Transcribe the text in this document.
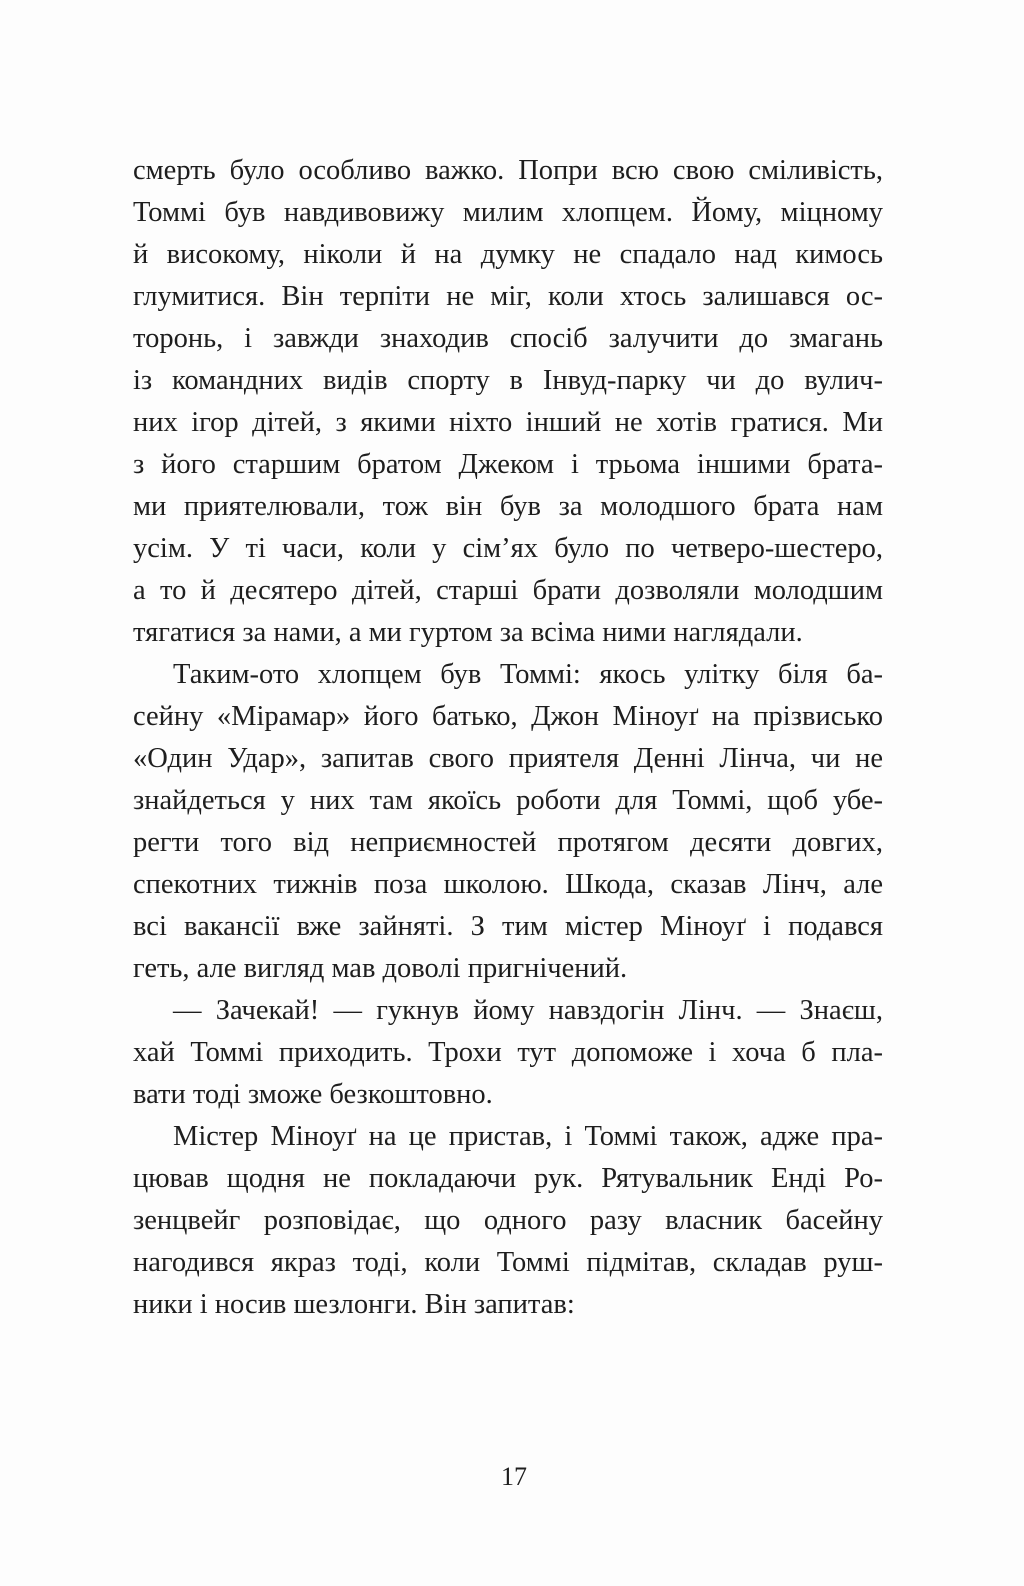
смерть було особливо важко. Попри всю свою сміливість,
Томмі був навдивовижу милим хлопцем. Йому, міцному
й високому, ніколи й на думку не спадало над кимось
глумитися. Він терпіти не міг, коли хтось залишався ос-
торонь, і завжди знаходив спосіб залучити до змагань
із командних видів спорту в Інвуд-парку чи до вулич-
них ігор дітей, з якими ніхто інший не хотів гратися. Ми
з його старшим братом Джеком і трьома іншими брата-
ми приятелювали, тож він був за молодшого брата нам
усім. У ті часи, коли у сім’ях було по четверо-шестеро,
а то й десятеро дітей, старші брати дозволяли молодшим
тягатися за нами, а ми гуртом за всіма ними наглядали.
Таким-ото хлопцем був Томмі: якось улітку біля ба-
сейну «Мірамар» його батько, Джон Міноуґ на прізвисько
«Один Удар», запитав свого приятеля Денні Лінча, чи не
знайдеться у них там якоїсь роботи для Томмі, щоб убе-
регти того від неприємностей протягом десяти довгих,
спекотних тижнів поза школою. Шкода, сказав Лінч, але
всі вакансії вже зайняті. З тим містер Міноуґ і подався
геть, але вигляд мав доволі пригнічений.
— Зачекай! — гукнув йому навздогін Лінч. — Знаєш,
хай Томмі приходить. Трохи тут допоможе і хоча б пла-
вати тоді зможе безкоштовно.
Містер Міноуґ на це пристав, і Томмі також, адже пра-
цював щодня не покладаючи рук. Рятувальник Енді Ро-
зенцвейг розповідає, що одного разу власник басейну
нагодився якраз тоді, коли Томмі підмітав, складав руш-
ники і носив шезлонги. Він запитав:
17
